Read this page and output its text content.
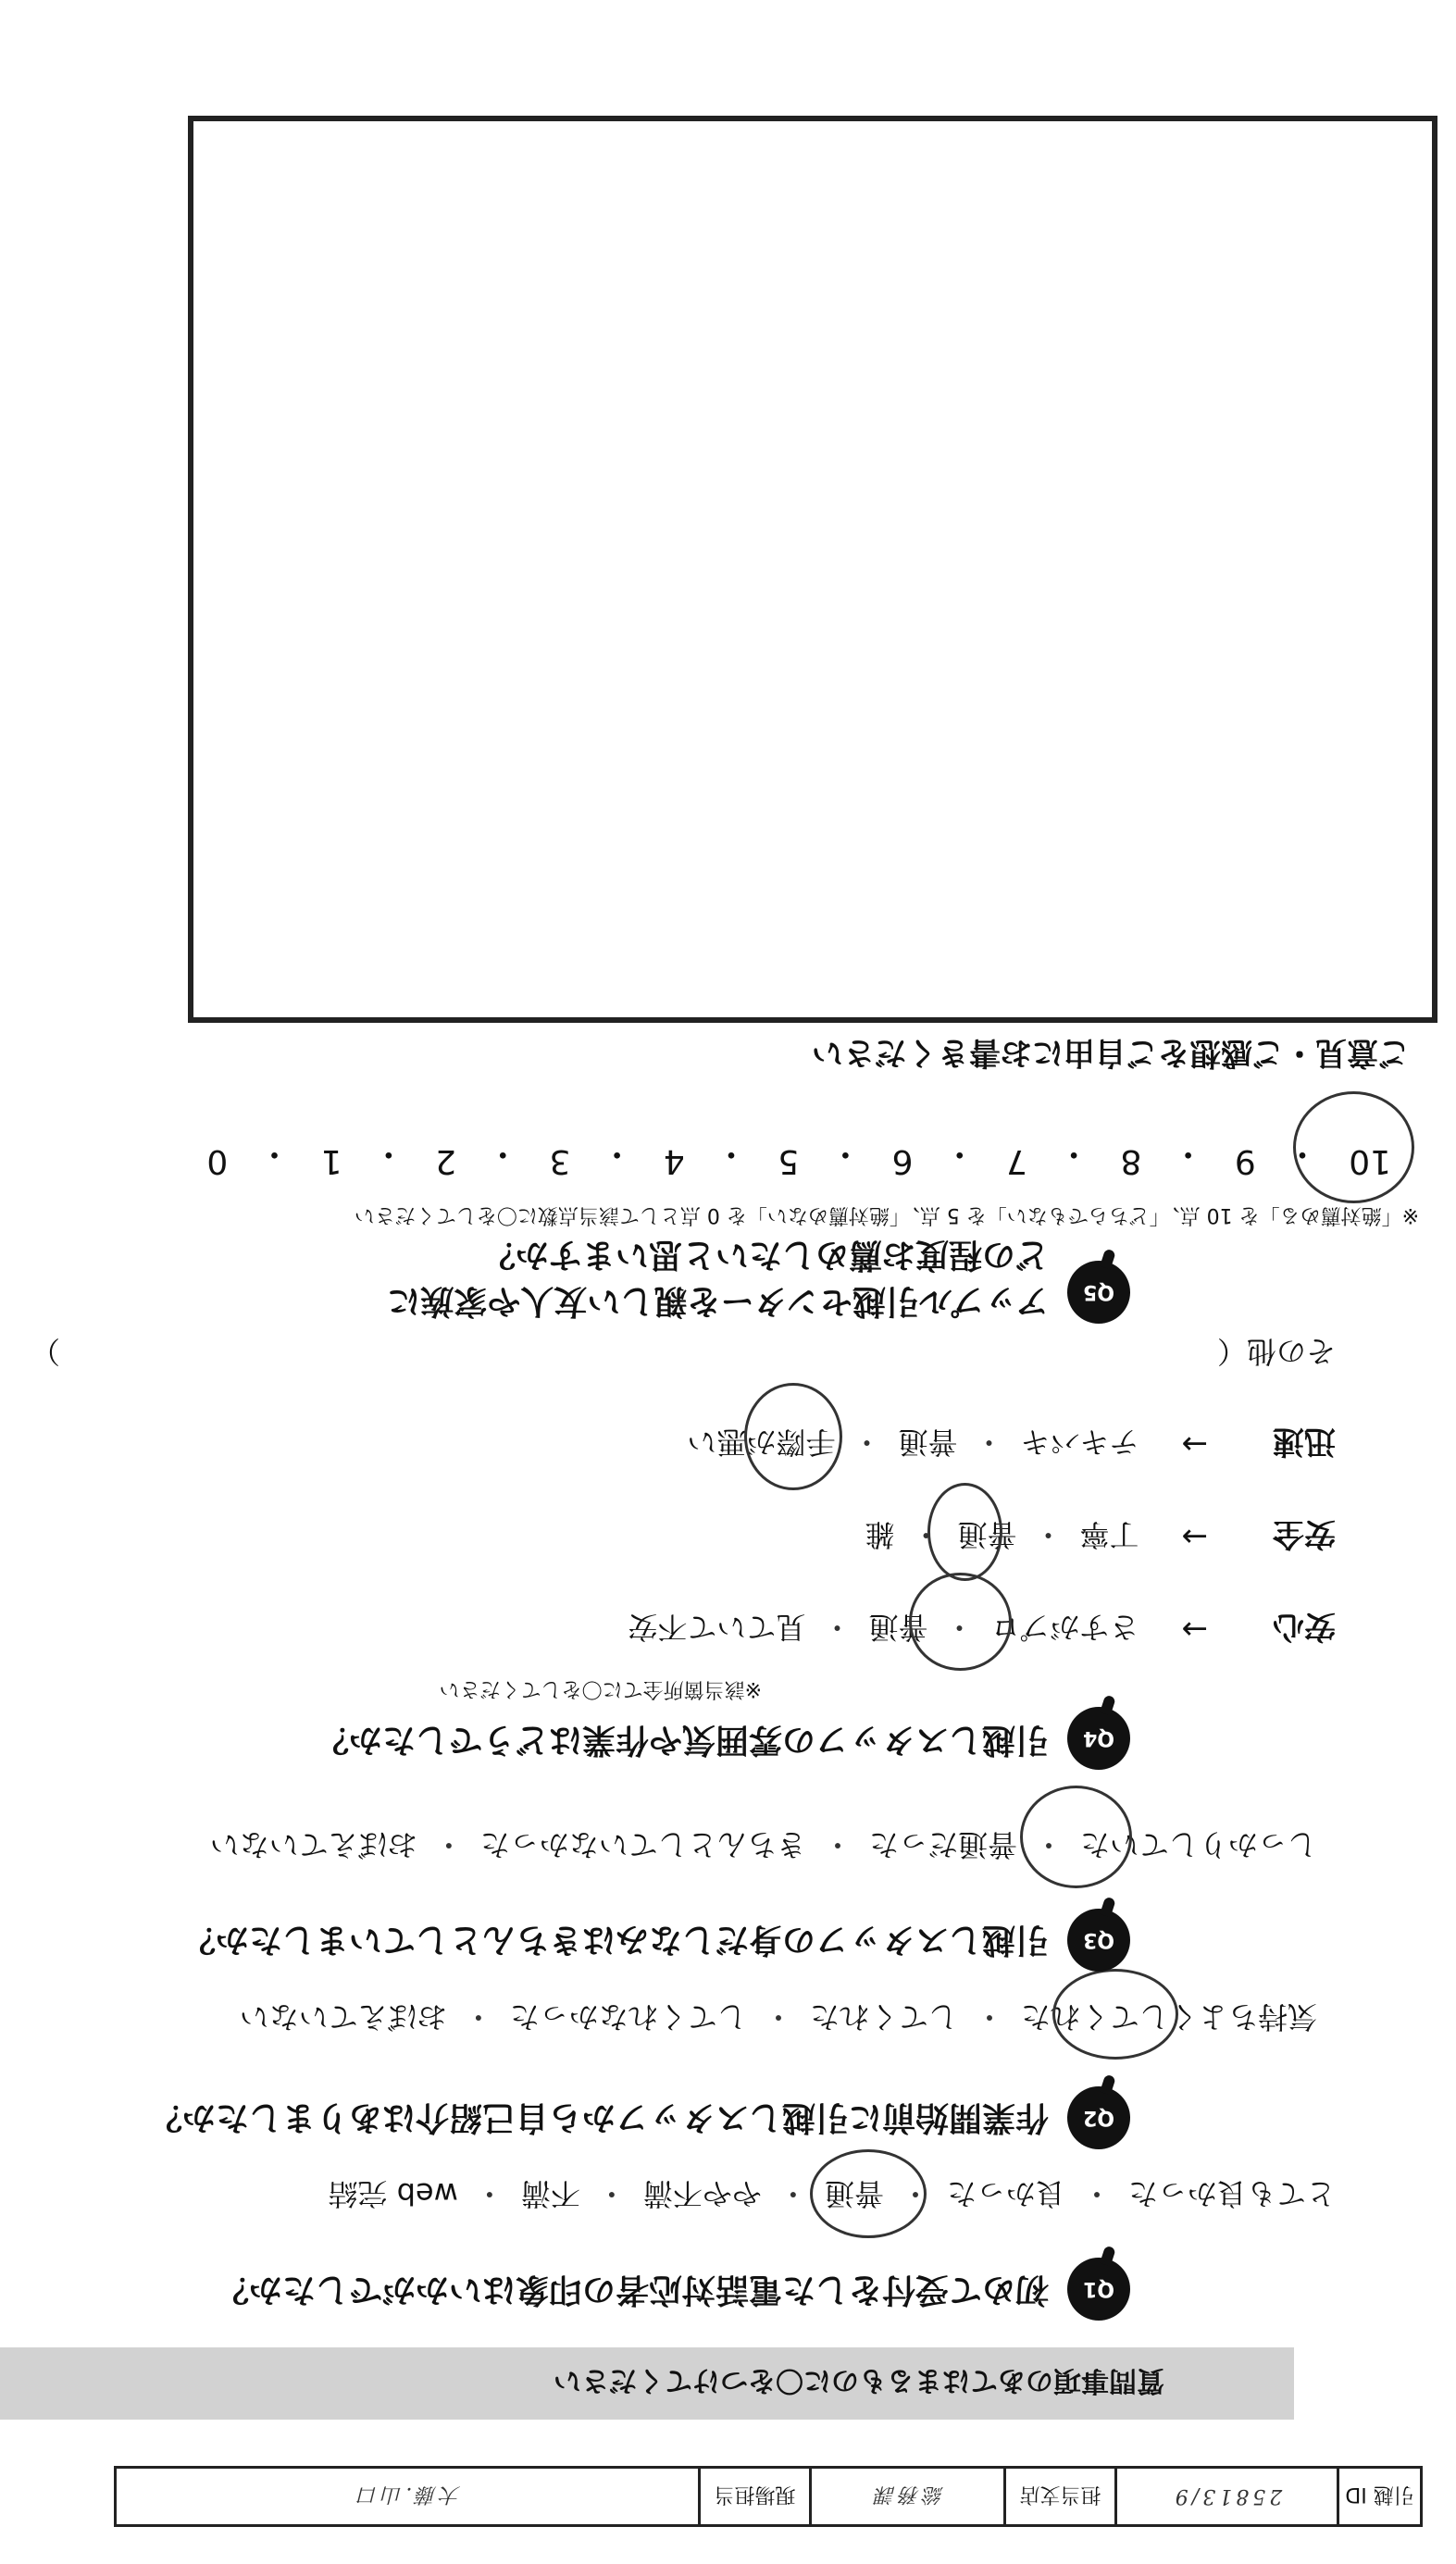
引越 ID
25813/9
担当支店
総務課
現場担当
大藤.山口
質問事項のあてはまるものに〇をつけてください
Q1
初めて受付をした電話対応者の印象はいかがでしたか？
とても良かった
・
良かった
・
普通
・
やや不満
・
不満
・
web 完結
Q2
作業開始前に引越しスタッフから自己紹介はありましたか？
気持ちよくしてくれた
・
してくれた
・
してくれなかった
・
おぼえていない
Q3
引越しスタッフの身だしなみはきちんとしていましたか？
しっかりしていた
・
普通だった
・
きちんとしていなかった
・
おぼえていない
Q4
引越しスタッフの雰囲気や作業はどうでしたか？
※該当箇所全てに〇をしてください
安心
→
さすがプロ
・
普通
・
見ていて不安
安全
→
丁寧
・
普通
・
雑
迅速
→
テキパキ
・
普通
・
手際が悪い
その他（
）
Q5
アップル引越センターを親しい友人や家族に
どの程度お薦めしたいと思いますか？
※「絶対薦める」を 10 点、「どちらでもない」を 5 点、「絶対薦めない」を 0 点として該当点数に〇をしてください
10
・
9
・
8
・
7
・
6
・
5
・
4
・
3
・
2
・
1
・
0
ご意見・ご感想をご自由にお書きください
